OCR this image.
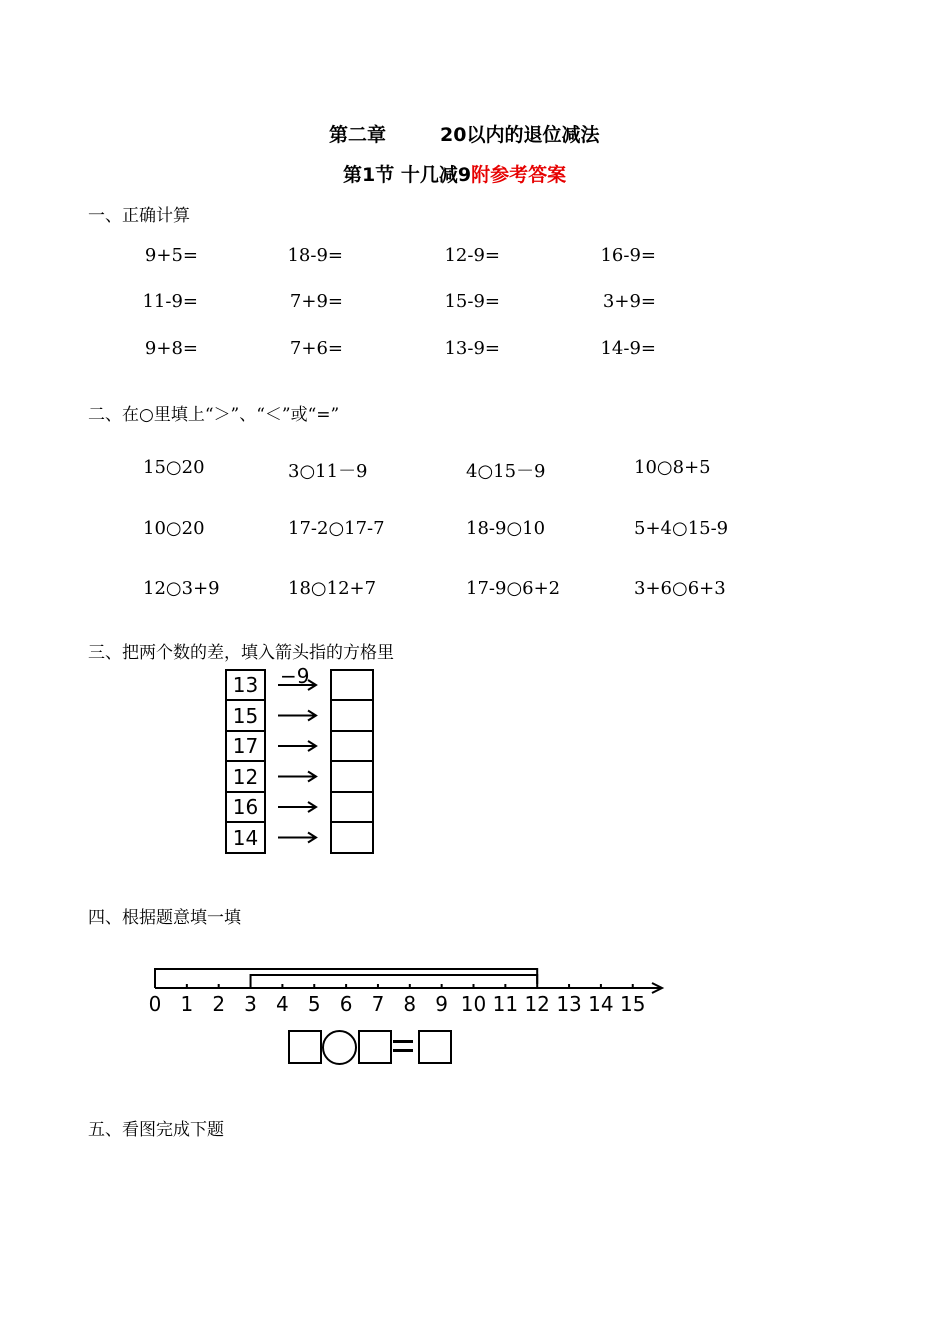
第二章	20以内的退位减法
第1节 十几减9附参考答案
一、正确计算
9+5=	18-9=	12-9=	16-9=
11-9=	7+9=	15-9=	3+9=
9+8=	7+6=	13-9=	14-9=
二、在○里填上“＞”、“＜”或“=”
15○20	3○11－9	4○15－9	10○8+5
10○20	17-2○17-7	18-9○10	5+4○15-9
12○3+9	18○12+7	17-9○6+2	3+6○6+3
三、把两个数的差，填入箭头指的方格里
13
15
17
12
16
14
−9
四、根据题意填一填
0 1 2 3 4 5 6 7 8 9 10 11 12 13 14 15
五、看图完成下题
